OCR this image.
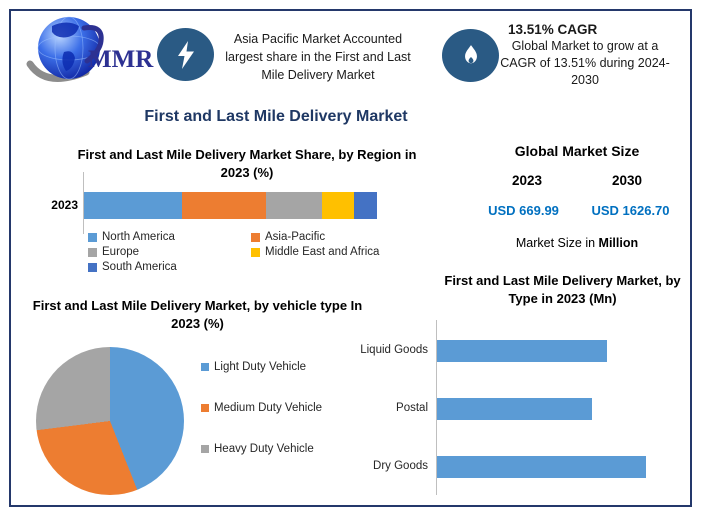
MMR
Asia Pacific Market Accounted
largest share in the First and Last
Mile Delivery Market
13.51% CAGR
Global Market to grow at a
CAGR of 13.51% during 2024-
2030
First and Last Mile Delivery Market
First and Last Mile Delivery Market Share, by Region in 2023 (%)
2023
North America	Asia-Pacific
Europe	Middle East and Africa
South America
Global Market Size
2023	2030
USD 669.99	USD 1626.70
Market Size in Million
First and Last Mile Delivery Market, by Type in 2023 (Mn)
Liquid Goods
Postal
Dry Goods
First and Last Mile Delivery Market, by vehicle type In 2023 (%)
Light Duty Vehicle
Medium Duty Vehicle
Heavy Duty Vehicle
